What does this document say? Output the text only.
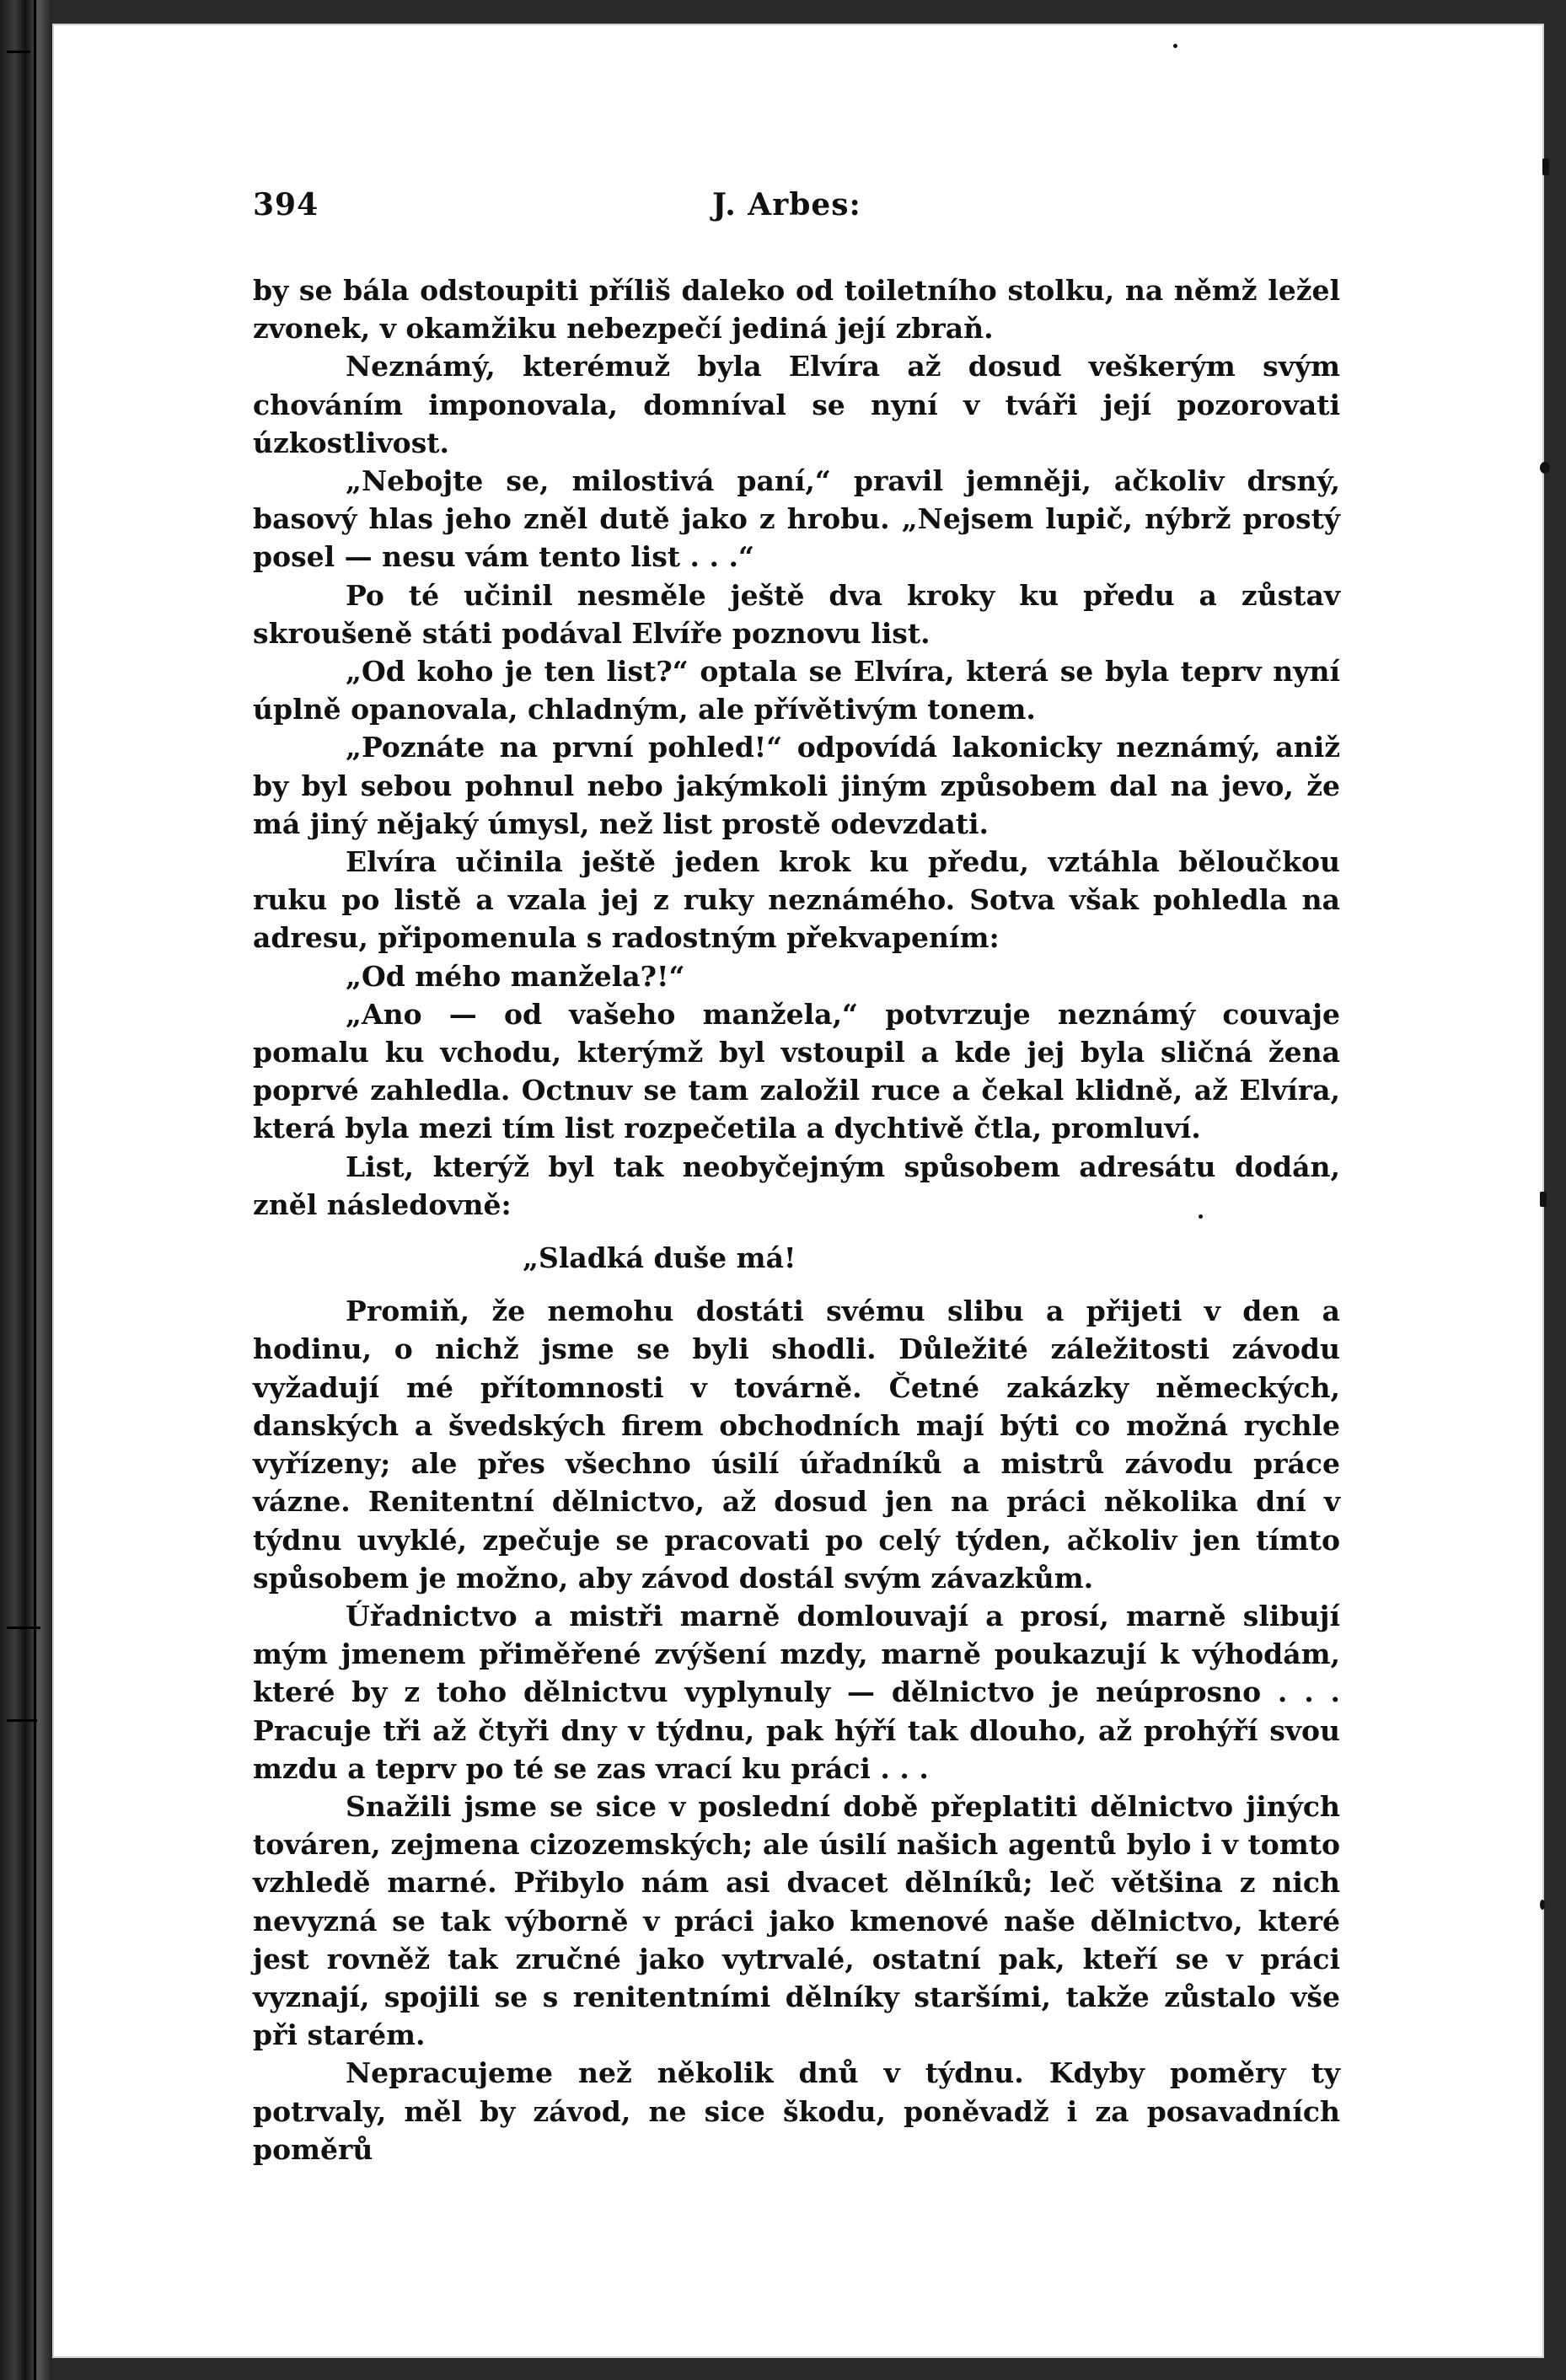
394	J. Arbes:

by se bála odstoupiti příliš daleko od toiletního stolku, na němž ležel zvonek, v okamžiku nebezpečí jediná její zbraň.

Neznámý, kterémuž byla Elvíra až dosud veškerým svým chováním imponovala, domníval se nyní v tváři její pozorovati úzkostlivost.

„Nebojte se, milostivá paní,“ pravil jemněji, ačkoliv drsný, basový hlas jeho zněl dutě jako z hrobu. „Nejsem lupič, nýbrž prostý posel — nesu vám tento list . . .“

Po té učinil nesměle ještě dva kroky ku předu a zůstav skroušeně státi podával Elvíře poznovu list.

„Od koho je ten list?“ optala se Elvíra, která se byla teprv nyní úplně opanovala, chladným, ale přívětivým tonem.

„Poznáte na první pohled!“ odpovídá lakonicky neznámý, aniž by byl sebou pohnul nebo jakýmkoli jiným způsobem dal na jevo, že má jiný nějaký úmysl, než list prostě odevzdati.

Elvíra učinila ještě jeden krok ku předu, vztáhla běloučkou ruku po listě a vzala jej z ruky neznámého. Sotva však pohledla na adresu, připomenula s radostným překvapením:

„Od mého manžela?!“

„Ano — od vašeho manžela,“ potvrzuje neznámý couvaje pomalu ku vchodu, kterýmž byl vstoupil a kde jej byla sličná žena poprvé zahledla. Octnuv se tam založil ruce a čekal klidně, až Elvíra, která byla mezi tím list rozpečetila a dychtivě čtla, promluví.

List, kterýž byl tak neobyčejným spůsobem adresátu dodán, zněl následovně:

„Sladká duše má!

Promiň, že nemohu dostáti svému slibu a přijeti v den a hodinu, o nichž jsme se byli shodli. Důležité záležitosti závodu vyžadují mé přítomnosti v továrně. Četné zakázky německých, danských a švedských firem obchodních mají býti co možná rychle vyřízeny; ale přes všechno úsilí úřadníků a mistrů závodu práce vázne. Renitentní dělnictvo, až dosud jen na práci několika dní v týdnu uvyklé, zpečuje se pracovati po celý týden, ačkoliv jen tímto spůsobem je možno, aby závod dostál svým závazkům.

Úřadnictvo a mistři marně domlouvají a prosí, marně slibují mým jmenem přiměřené zvýšení mzdy, marně poukazují k výhodám, které by z toho dělnictvu vyplynuly — dělnictvo je neúprosno . . . Pracuje tři až čtyři dny v týdnu, pak hýří tak dlouho, až prohýří svou mzdu a teprv po té se zas vrací ku práci . . .

Snažili jsme se sice v poslední době přeplatiti dělnictvo jiných továren, zejmena cizozemských; ale úsilí našich agentů bylo i v tomto vzhledě marné. Přibylo nám asi dvacet dělníků; leč většina z nich nevyzná se tak výborně v práci jako kmenové naše dělnictvo, které jest rovněž tak zručné jako vytrvalé, ostatní pak, kteří se v práci vyznají, spojili se s renitentními dělníky staršími, takže zůstalo vše při starém.

Nepracujeme než několik dnů v týdnu. Kdyby poměry ty potrvaly, měl by závod, ne sice škodu, poněvadž i za posavadních poměrů
